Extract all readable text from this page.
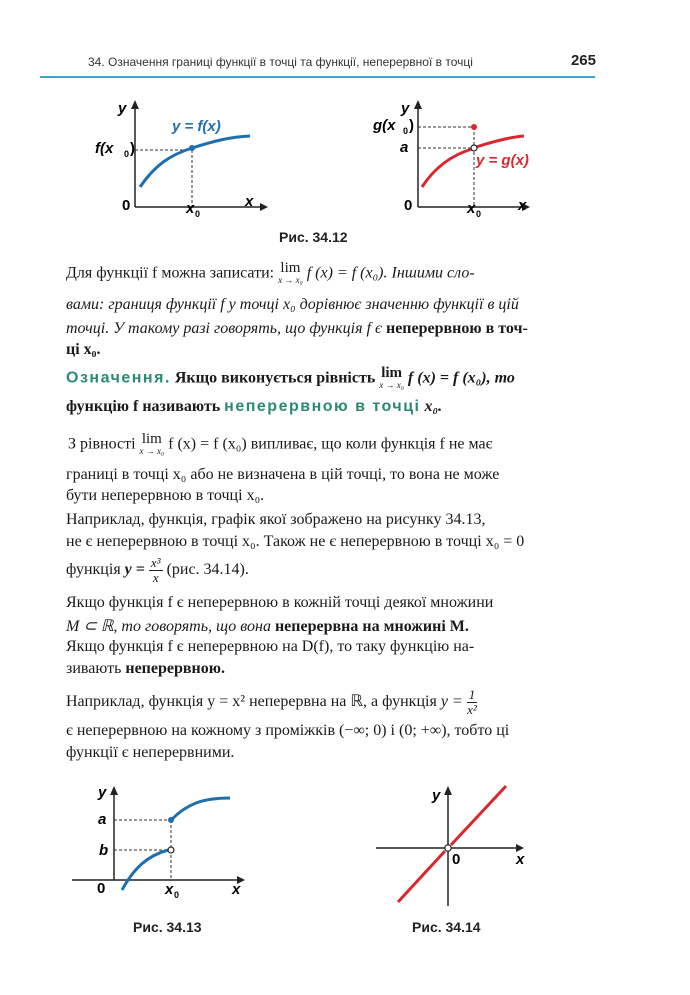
34. Означення границі функції в точці та функції, неперервної в точці	265
y
x
0	x 0
f(x 0 )
y = f(x)
y
x
0	x 0
g(x 0 )
a
y = g(x)
Рис. 34.12
Для функції f можна записати: lim
x → x₀ f (x) = f (x₀). Іншими сло-
вами: границя функції f у точці x₀ дорівнює значенню функції в цій
точці. У такому разі говорять, що функція f є неперервною в точ-
ці x₀.
Означення. Якщо виконується рівність lim
x → x₀ f (x) = f (x₀), то
функцію f називають неперервною в точці x₀.
З рівності lim
x → x₀ f (x) = f (x₀) випливає, що коли функція f не має
границі в точці x₀ або не визначена в цій точці, то вона не може
бути неперервною в точці x₀.
Наприклад, функція, графік якої зображено на рисунку 34.13,
не є неперервною в точці x₀. Також не є неперервною в точці x₀ = 0
функція $y = \frac{\text{x³}}{x} (рис$. 34.14).
Якщо функція f є неперервною в кожній точці деякої множини
M ⊂ ℝ, то говорять, що вона неперервна на множині M.
Якщо функція f є неперервною на D(f), то таку функцію на-
зивають неперервною.
Наприклад, функція y = x² неперервна на ℝ, а функція $y = \frac{1}{\text{x²}}$
є неперервною на кожному з проміжків (−∞; 0) і (0; +∞), тобто ці
функції є неперервними.
y
x
0
a
b
x 0
Рис. 34.13
y
x
0
Рис. 34.14
